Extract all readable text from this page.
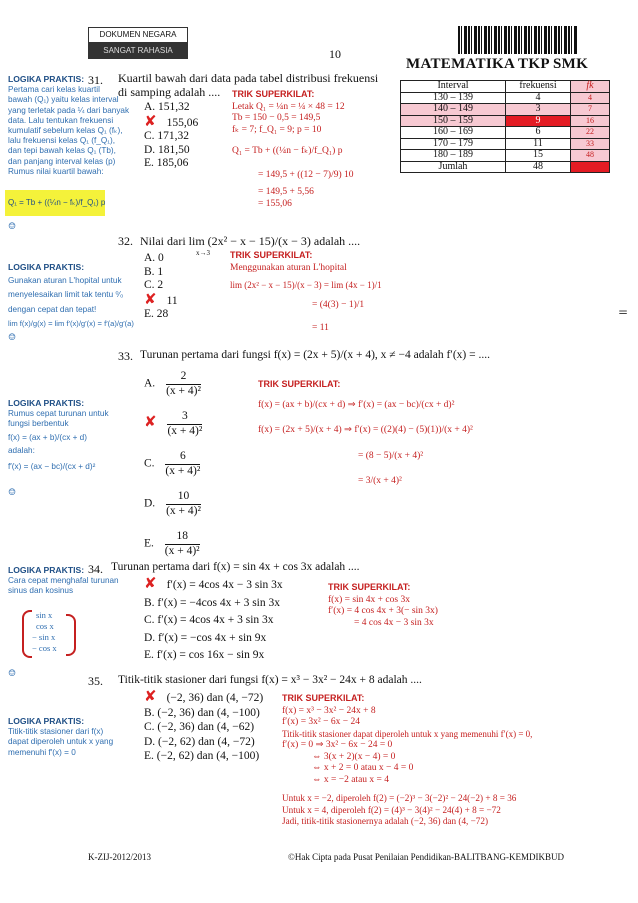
DOKUMEN NEGARA
SANGAT RAHASIA	10
MATEMATIKA TKP SMK
31. Kuartil bawah dari data pada tabel distribusi frekuensi
di samping adalah ....
LOGIKA PRAKTIS:
Pertama cari kelas kuartil
bawah (Q₁) yaitu kelas interval
yang terletak pada ¼ dari banyak
data. Lalu tentukan frekuensi
kumulatif sebelum kelas Q₁ (fₖ),
lalu frekuensi kelas Q₁ (f_Q₁),
dan tepi bawah kelas Q₁ (Tb),
dan panjang interval kelas (p)
Rumus nilai kuartil bawah:
Q₁ = Tb + ((¼n − fₖ)/f_Q₁) p
☺
A. 151,32
✘ 155,06
C. 171,32
D. 181,50
E. 185,06
TRIK SUPERKILAT:
Letak Q₁ = ¼n = ¼ × 48 = 12
Tb = 150 − 0,5 = 149,5
fₖ = 7; f_Q₁ = 9; p = 10
Q₁ = Tb + ((¼n − fₖ)/f_Q₁) p
= 149,5 + ((12 − 7)/9) 10
= 149,5 + 5,56
= 155,06
Interval	frekuensi	fk
130 – 139	4	4
140 – 149	3	7
150 – 159	9	16
160 – 169	6	22
170 – 179	11	33
180 – 189	15	48
Jumlah	48	
32. Nilai dari lim (2x² − x − 15)/(x − 3) adalah ....
x→3
LOGIKA PRAKTIS:
Gunakan aturan L'hopital untuk
menyelesaikan limit tak tentu ⁰⁄₀
dengan cepat dan tepat!
lim f(x)/g(x) = lim f′(x)/g′(x) = f′(a)/g′(a)
☺
A. 0
B. 1
C. 2
✘ 11
E. 28
TRIK SUPERKILAT:
Menggunakan aturan L'hopital
lim (2x² − x − 15)/(x − 3) = lim (4x − 1)/1
= (4(3) − 1)/1
= 11
=
33. Turunan pertama dari fungsi f(x) = (2x + 5)/(x + 4), x ≠ −4 adalah f′(x) = ....
A. $\frac{2}{\text{(x + 4)²}}$
✘ $\frac{3}{\text{(x + 4)²}}$
C. $\frac{6}{\text{(x + 4)²}}$
D. $\frac{10}{\text{(x + 4)²}}$
E. $\frac{18}{\text{(x + 4)²}}$
LOGIKA PRAKTIS:
Rumus cepat turunan untuk
fungsi berbentuk
f(x) = (ax + b)/(cx + d)
adalah:
f′(x) = (ax − bc)/(cx + d)²
☺
TRIK SUPERKILAT:
f(x) = (ax + b)/(cx + d) ⇒ f′(x) = (ax − bc)/(cx + d)²
f(x) = (2x + 5)/(x + 4) ⇒ f′(x) = ((2)(4) − (5)(1))/(x + 4)²
= (8 − 5)/(x + 4)²
= 3/(x + 4)²
LOGIKA PRAKTIS:
Cara cepat menghafal turunan
sinus dan kosinus
34. Turunan pertama dari f(x) = sin 4x + cos 3x adalah ....
sin x
cos x
− sin x
− cos x
✘ f′(x) = 4cos 4x − 3 sin 3x
B. f′(x) = −4cos 4x + 3 sin 3x
C. f′(x) = 4cos 4x + 3 sin 3x
D. f′(x) = −cos 4x + sin 9x
E. f′(x) = cos 16x − sin 9x
TRIK SUPERKILAT:
f(x) = sin 4x + cos 3x
f′(x) = 4 cos 4x + 3(− sin 3x)
= 4 cos 4x − 3 sin 3x
☺	35. Titik-titik stasioner dari fungsi f(x) = x³ − 3x² − 24x + 8 adalah ....
LOGIKA PRAKTIS:
Titik-titik stasioner dari f(x)
dapat diperoleh untuk x yang
memenuhi f′(x) = 0
✘ (−2, 36) dan (4, −72)
B. (−2, 36) dan (4, −100)
C. (−2, 36) dan (4, −62)
D. (−2, 62) dan (4, −72)
E. (−2, 62) dan (4, −100)
TRIK SUPERKILAT:
f(x) = x³ − 3x² − 24x + 8
f′(x) = 3x² − 6x − 24
Titik-titik stasioner dapat diperoleh untuk x yang memenuhi f′(x) = 0,
f′(x) = 0 ⇒ 3x² − 6x − 24 = 0
⇔ 3(x + 2)(x − 4) = 0
⇔ x + 2 = 0 atau x − 4 = 0
⇔ x = −2 atau x = 4
Untuk x = −2, diperoleh f(2) = (−2)³ − 3(−2)² − 24(−2) + 8 = 36
Untuk x = 4, diperoleh f(2) = (4)³ − 3(4)² − 24(4) + 8 = −72
Jadi, titik-titik stasionernya adalah (−2, 36) dan (4, −72)
K-ZIJ-2012/2013	©Hak Cipta pada Pusat Penilaian Pendidikan-BALITBANG-KEMDIKBUD
